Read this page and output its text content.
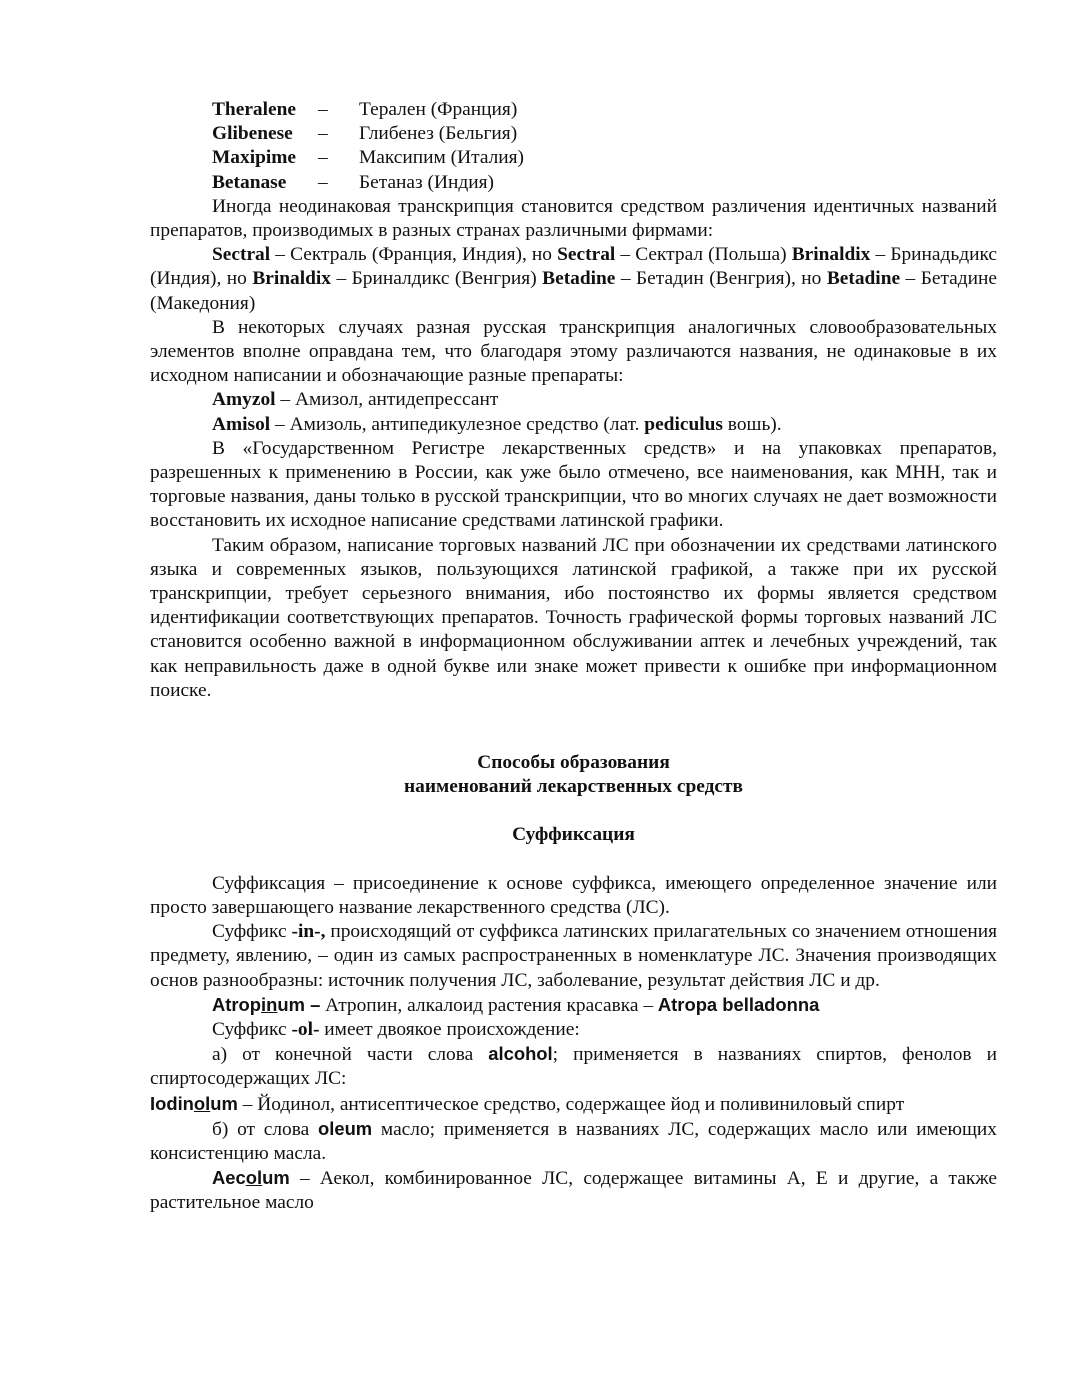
Theralene	–	Терален (Франция)
Glibenese	–	Глибенез (Бельгия)
Maxipime	–	Максипим (Италия)
Betanase	–	Бетаназ (Индия)

Иногда неодинаковая транскрипция становится средством различения идентичных названий препаратов, производимых в разных странах различными фирмами:

Sectral – Сектраль (Франция, Индия), но Sectral – Сектрал (Польша) Brinaldix – Бринадьдикс (Индия), но Brinaldix – Бриналдикс (Венгрия) Betadine – Бетадин (Венгрия), но Betadine – Бетадине (Македония)

В некоторых случаях разная русская транскрипция аналогичных словообразовательных элементов вполне оправдана тем, что благодаря этому различаются названия, не одинаковые в их исходном написании и обозначающие разные препараты:

Amyzol – Амизол, антидепрессант

Amisol – Амизоль, антипедикулезное средство (лат. pediculus вошь).

В «Государственном Регистре лекарственных средств» и на упаковках препаратов, разрешенных к применению в России, как уже было отмечено, все наименования, как МНН, так и торговые названия, даны только в русской транскрипции, что во многих случаях не дает возможности восстановить их исходное написание средствами латинской графики.

Таким образом, написание торговых названий ЛС при обозначении их средствами латинского языка и современных языков, пользующихся латинской графикой, а также при их русской транскрипции, требует серьезного внимания, ибо постоянство их формы является средством идентификации соответствующих препаратов. Точность графической формы торговых названий ЛС становится особенно важной в информационном обслуживании аптек и лечебных учреждений, так как неправильность даже в одной букве или знаке может привести к ошибке при информационном поиске.

Способы образования

наименований лекарственных средств

Суффиксация

Суффиксация – присоединение к основе суффикса, имеющего определенное значение или просто завершающего название лекарственного средства (ЛС).

Суффикс -in-, происходящий от суффикса латинских прилагательных со значением отношения предмету, явлению, – один из самых распространенных в номенклатуре ЛС. Значения производящих основ разнообразны: источник получения ЛС, заболевание, результат действия ЛС и др.

Atropinum – Атропин, алкалоид растения красавка – Atropa belladonna

Суффикс -ol- имеет двоякое происхождение:

а) от конечной части слова alcohol; применяется в названиях спиртов, фенолов и спиртосодержащих ЛС:

Iodinolum – Йодинол, антисептическое средство, содержащее йод и поливиниловый спирт

б) от слова oleum масло; применяется в названиях ЛС, содержащих масло или имеющих консистенцию масла.

Aecolum – Аекол, комбинированное ЛС, содержащее витамины А, Е и другие, а также растительное масло
